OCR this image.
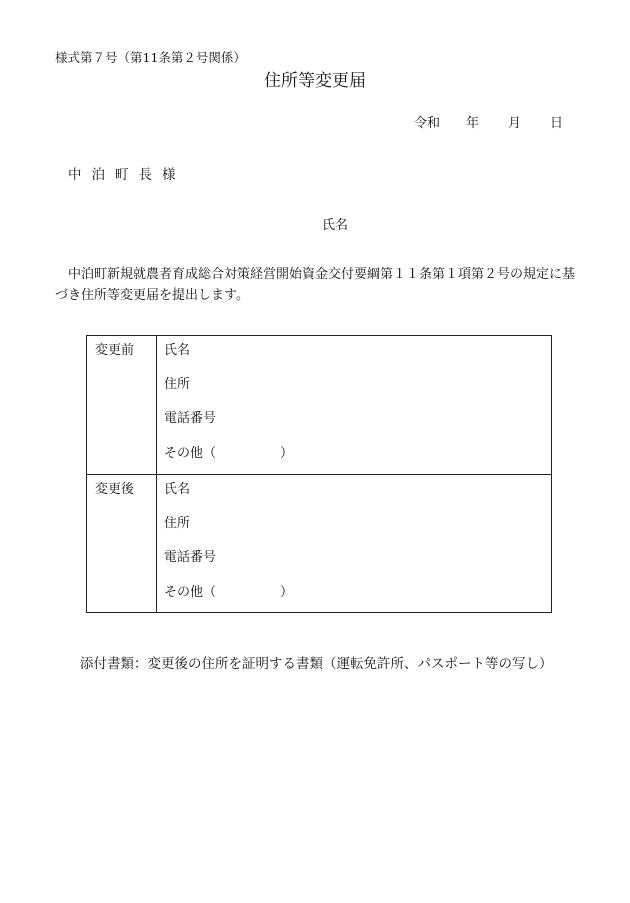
様式第７号（第11条第２号関係）
住所等変更届
令和 年 月 日
中泊町長様
氏名
中泊町新規就農者育成総合対策経営開始資金交付要綱第１１条第１項第２号の規定に基づき住所等変更届を提出します。
変更前 氏名
住所
電話番号
その他（	）
変更後 氏名
住所
電話番号
その他（	）
添付書類：変更後の住所を証明する書類（運転免許所、パスポート等の写し）
